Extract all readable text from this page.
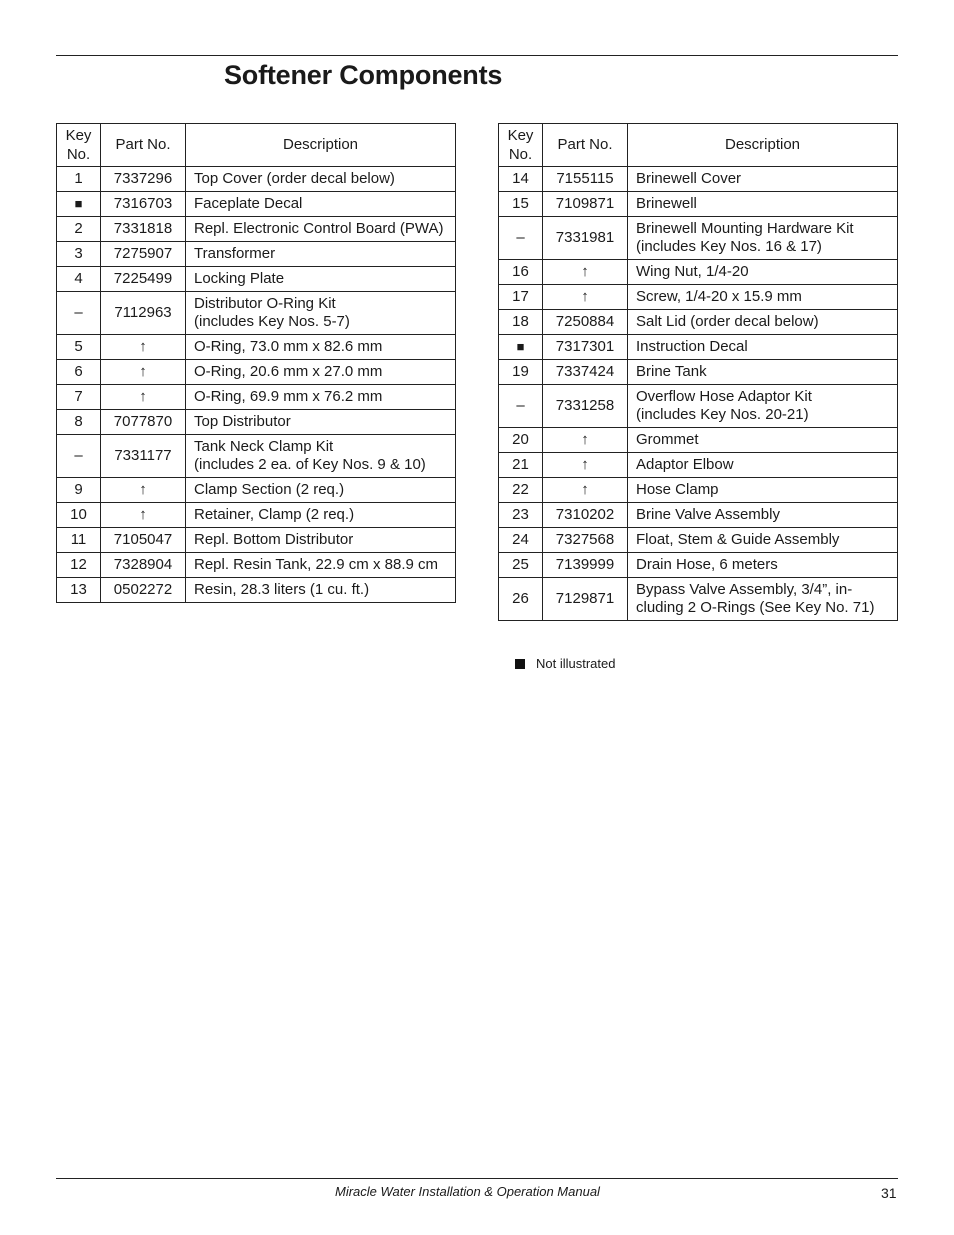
Softener Components
Key No.	Part No.	Description
1	7337296	Top Cover (order decal below)
■	7316703	Faceplate Decal
2	7331818	Repl. Electronic Control Board (PWA)
3	7275907	Transformer
4	7225499	Locking Plate
–	7112963	Distributor O-Ring Kit
(includes Key Nos. 5-7)
5	↑	O-Ring, 73.0 mm x 82.6 mm
6	↑	O-Ring, 20.6 mm x 27.0 mm
7	↑	O-Ring, 69.9 mm x 76.2 mm
8	7077870	Top Distributor
–	7331177	Tank Neck Clamp Kit
(includes 2 ea. of Key Nos. 9 & 10)
9	↑	Clamp Section (2 req.)
10	↑	Retainer, Clamp (2 req.)
11	7105047	Repl. Bottom Distributor
12	7328904	Repl. Resin Tank, 22.9 cm x 88.9 cm
13	0502272	Resin, 28.3 liters (1 cu. ft.)
Key No.	Part No.	Description
14	7155115	Brinewell Cover
15	7109871	Brinewell
–	7331981	Brinewell Mounting Hardware Kit
(includes Key Nos. 16 & 17)
16	↑	Wing Nut, 1/4-20
17	↑	Screw, 1/4-20 x 15.9 mm
18	7250884	Salt Lid (order decal below)
■	7317301	Instruction Decal
19	7337424	Brine Tank
–	7331258	Overflow Hose Adaptor Kit
(includes Key Nos. 20-21)
20	↑	Grommet
21	↑	Adaptor Elbow
22	↑	Hose Clamp
23	7310202	Brine Valve Assembly
24	7327568	Float, Stem & Guide Assembly
25	7139999	Drain Hose, 6 meters
26	7129871	Bypass Valve Assembly, 3/4”, in-
cluding 2 O-Rings (See Key No. 71)
Not illustrated
Miracle Water Installation & Operation Manual	31
